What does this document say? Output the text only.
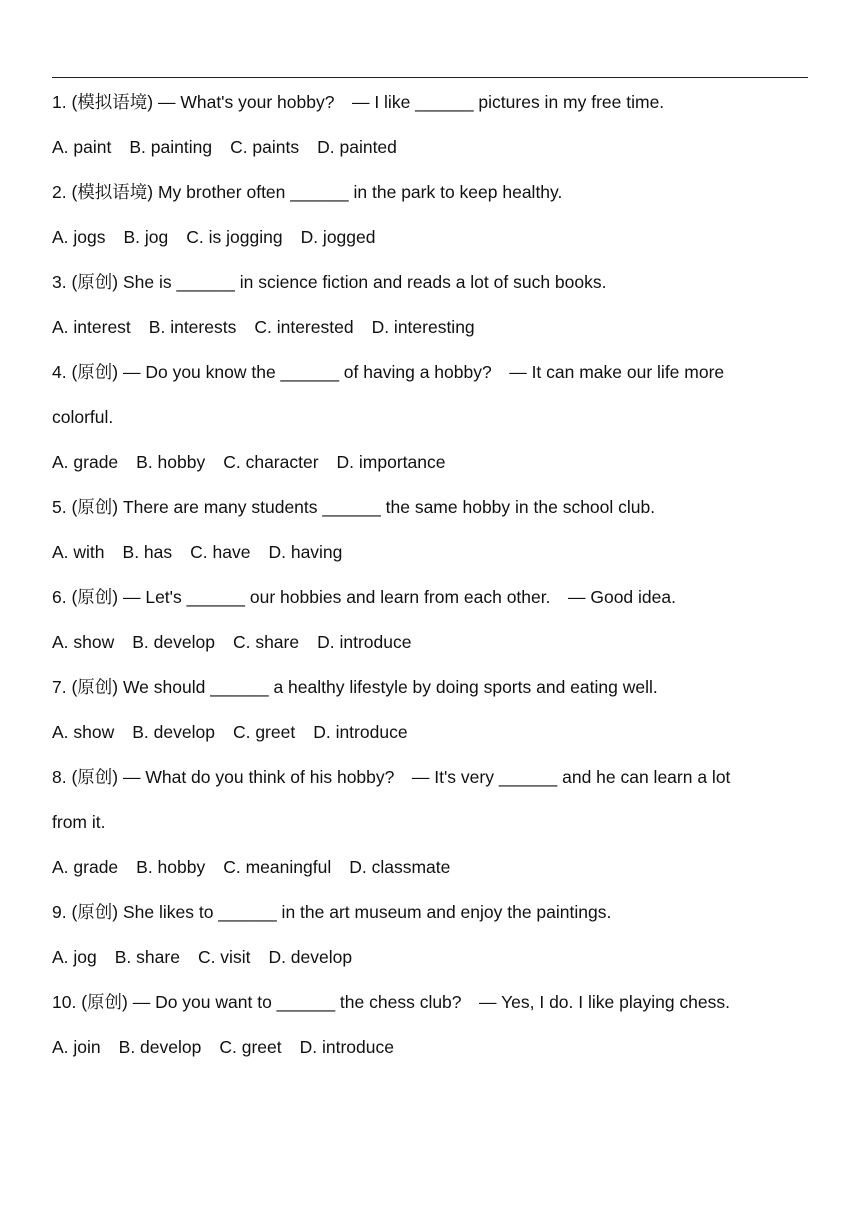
1. (模拟语境) — What's your hobby?　— I like ______ pictures in my free time.
A. paint B. painting C. paints D. painted
2. (模拟语境) My brother often ______ in the park to keep healthy.
A. jogs B. jog C. is jogging D. jogged
3. (原创) She is ______ in science fiction and reads a lot of such books.
A. interest B. interests C. interested D. interesting
4. (原创) — Do you know the ______ of having a hobby?　— It can make our life more
colorful.
A. grade B. hobby C. character D. importance
5. (原创) There are many students ______ the same hobby in the school club.
A. with B. has C. have D. having
6. (原创) — Let's ______ our hobbies and learn from each other.　— Good idea.
A. show B. develop C. share D. introduce
7. (原创) We should ______ a healthy lifestyle by doing sports and eating well.
A. show B. develop C. greet D. introduce
8. (原创) — What do you think of his hobby?　— It's very ______ and he can learn a lot
from it.
A. grade B. hobby C. meaningful D. classmate
9. (原创) She likes to ______ in the art museum and enjoy the paintings.
A. jog B. share C. visit D. develop
10. (原创) — Do you want to ______ the chess club?　— Yes, I do. I like playing chess.
A. join B. develop C. greet D. introduce
